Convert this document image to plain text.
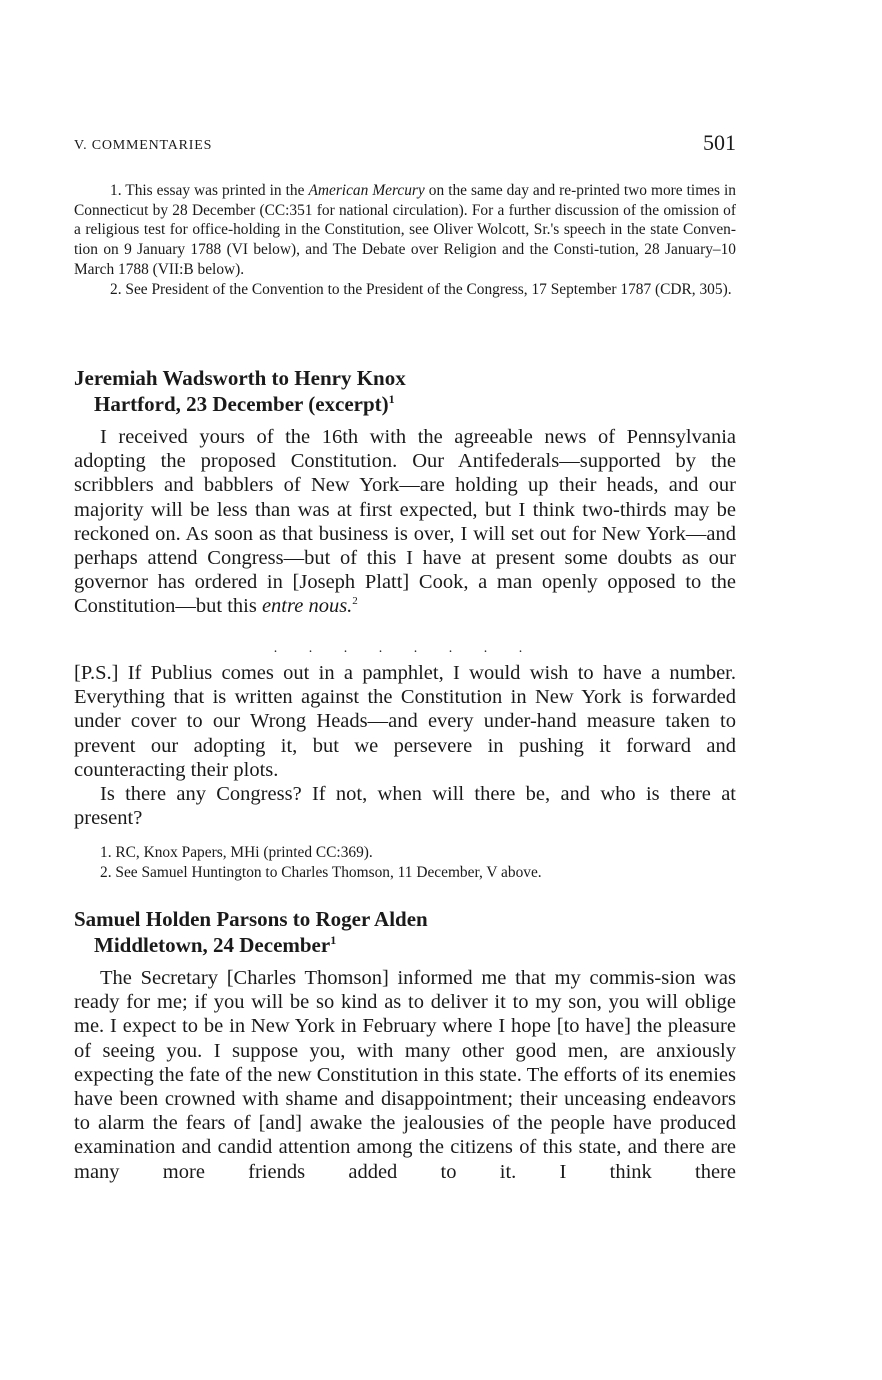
V. COMMENTARIES	501

1. This essay was printed in the American Mercury on the same day and re-printed two more times in Connecticut by 28 December (CC:351 for national circulation). For a further discussion of the omission of a religious test for office-holding in the Constitution, see Oliver Wolcott, Sr.'s speech in the state Conven-tion on 9 January 1788 (VI below), and The Debate over Religion and the Consti-tution, 28 January–10 March 1788 (VII:B below).

2. See President of the Convention to the President of the Congress, 17 September 1787 (CDR, 305).

Jeremiah Wadsworth to Henry Knox
Hartford, 23 December (excerpt)$^1$

I received yours of the 16th with the agreeable news of Pennsylvania adopting the proposed Constitution. Our Antifederals—supported by the scribblers and babblers of New York—are holding up their heads, and our majority will be less than was at first expected, but I think two-thirds may be reckoned on. As soon as that business is over, I will set out for New York—and perhaps attend Congress—but of this I have at present some doubts as our governor has ordered in [Joseph Platt] Cook, a man openly opposed to the Constitution—but this entre nous.$^2$

. . . . . . . .

[P.S.] If Publius comes out in a pamphlet, I would wish to have a number. Everything that is written against the Constitution in New York is forwarded under cover to our Wrong Heads—and every under-hand measure taken to prevent our adopting it, but we persevere in pushing it forward and counteracting their plots.

Is there any Congress? If not, when will there be, and who is there at present?

1. RC, Knox Papers, MHi (printed CC:369).

2. See Samuel Huntington to Charles Thomson, 11 December, V above.

Samuel Holden Parsons to Roger Alden
Middletown, 24 December$^1$

The Secretary [Charles Thomson] informed me that my commis-sion was ready for me; if you will be so kind as to deliver it to my son, you will oblige me. I expect to be in New York in February where I hope [to have] the pleasure of seeing you. I suppose you, with many other good men, are anxiously expecting the fate of the new Constitution in this state. The efforts of its enemies have been crowned with shame and disappointment; their unceasing endeavors to alarm the fears of [and] awake the jealousies of the people have produced examination and candid attention among the citizens of this state, and there are many more friends added to it. I think there
